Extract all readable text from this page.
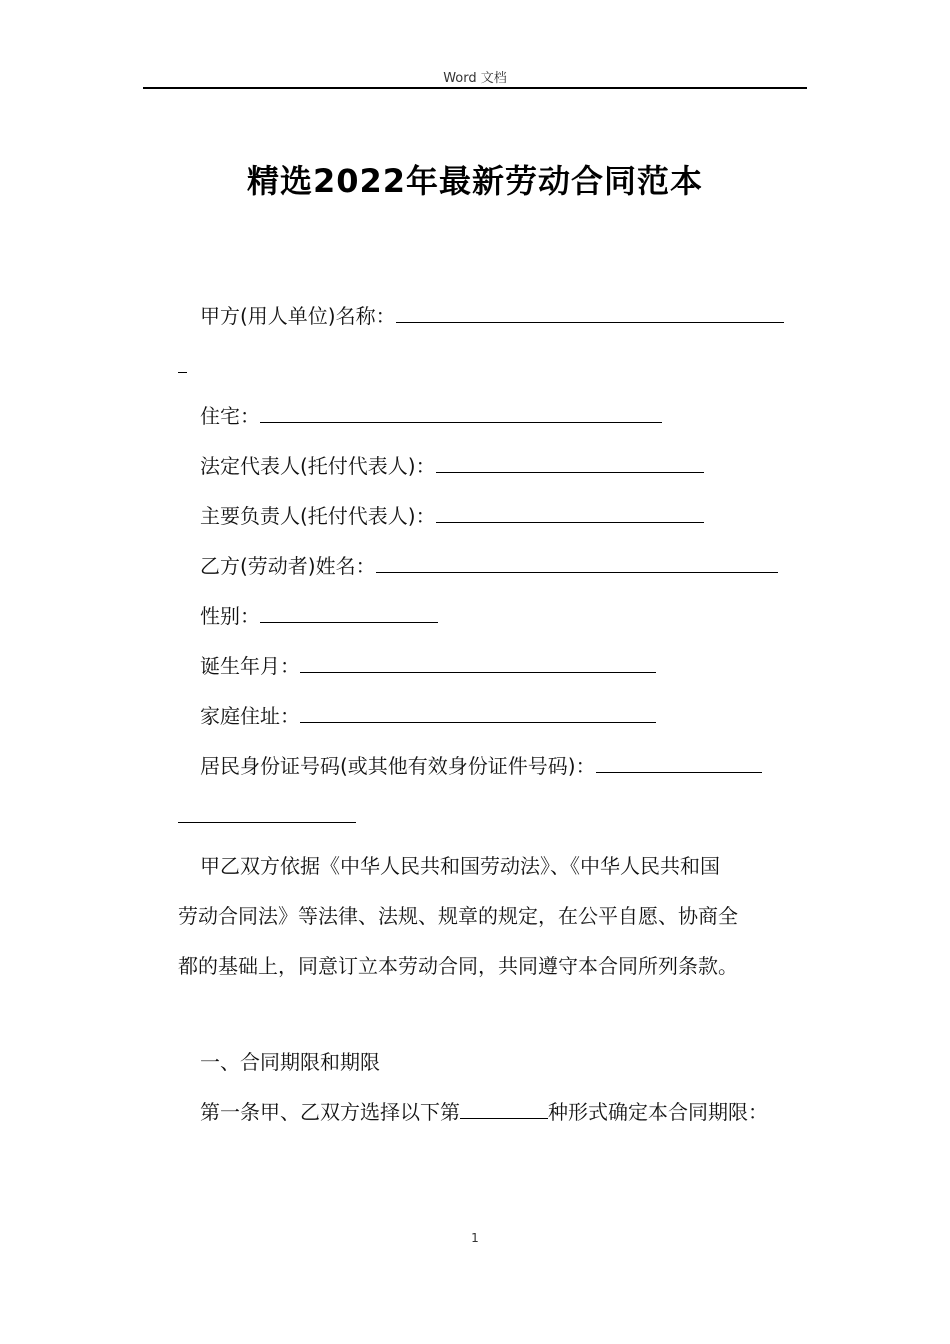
Word 文档
精选2022年最新劳动合同范本
甲方(用人单位)名称：
住宅：
法定代表人(托付代表人)：
主要负责人(托付代表人)：
乙方(劳动者)姓名：
性别：
诞生年月：
家庭住址：
居民身份证号码(或其他有效身份证件号码)：
甲乙双方依据《中华人民共和国劳动法》、《中华人民共和国
劳动合同法》等法律、法规、规章的规定，在公平自愿、协商全
都的基础上，同意订立本劳动合同，共同遵守本合同所列条款。
一、合同期限和期限
第一条甲、乙双方选择以下第	种形式确定本合同期限：
1
